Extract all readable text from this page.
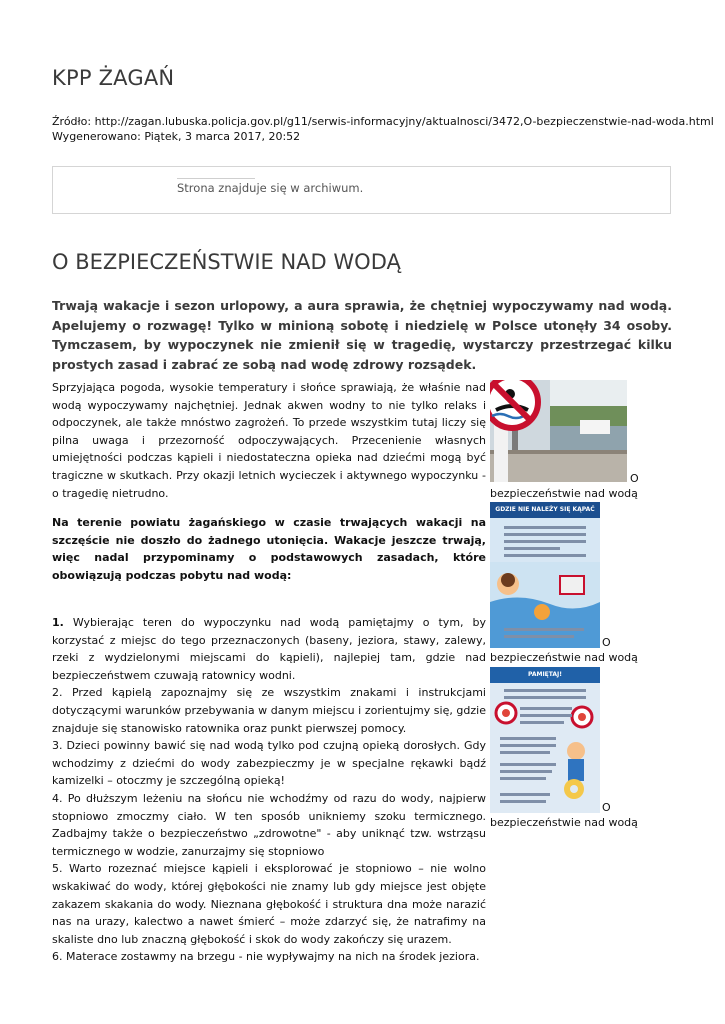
KPP ŻAGAŃ
Źródło: http://zagan.lubuska.policja.gov.pl/g11/serwis-informacyjny/aktualnosci/3472,O-bezpieczenstwie-nad-woda.html
Wygenerowano: Piątek, 3 marca 2017, 20:52
Strona znajduje się w archiwum.
O BEZPIECZEŃSTWIE NAD WODĄ

Trwają wakacje i sezon urlopowy, a aura sprawia, że chętniej wypoczywamy nad wodą. Apelujemy o rozwagę! Tylko w minioną sobotę i niedzielę w Polsce utonęły 34 osoby. Tymczasem, by wypoczynek nie zmienił się w tragedię, wystarczy przestrzegać kilku prostych zasad i zabrać ze sobą nad wodę zdrowy rozsądek.

Sprzyjająca pogoda, wysokie temperatury i słońce sprawiają, że właśnie nad wodą wypoczywamy najchętniej. Jednak akwen wodny to nie tylko relaks i odpoczynek, ale także mnóstwo zagrożeń. To przede wszystkim tutaj liczy się pilna uwaga i przezorność odpoczywających. Przecenienie własnych umiejętności podczas kąpieli i niedostateczna opieka nad dziećmi mogą być tragiczne w skutkach. Przy okazji letnich wycieczek i aktywnego wypoczynku - o tragedię nietrudno.

Na terenie powiatu żagańskiego w czasie trwających wakacji na szczęście nie doszło do żadnego utonięcia. Wakacje jeszcze trwają, więc nadal przypominamy o podstawowych zasadach, które obowiązują podczas pobytu nad wodą:

1. Wybierając teren do wypoczynku nad wodą pamiętajmy o tym, by korzystać z miejsc do tego przeznaczonych (baseny, jeziora, stawy, zalewy, rzeki z wydzielonymi miejscami do kąpieli), najlepiej tam, gdzie nad bezpieczeństwem czuwają ratownicy wodni.

2. Przed kąpielą zapoznajmy się ze wszystkim znakami i instrukcjami dotyczącymi warunków przebywania w danym miejscu i zorientujmy się, gdzie znajduje się stanowisko ratownika oraz punkt pierwszej pomocy.

3. Dzieci powinny bawić się nad wodą tylko pod czujną opieką dorosłych. Gdy wchodzimy z dziećmi do wody zabezpieczmy je w specjalne rękawki bądź kamizelki – otoczmy je szczególną opieką!

4. Po dłuższym leżeniu na słońcu nie wchodźmy od razu do wody, najpierw stopniowo zmoczmy ciało. W ten sposób unikniemy szoku termicznego. Zadbajmy także o bezpieczeństwo „zdrowotne" - aby uniknąć tzw. wstrząsu termicznego w wodzie, zanurzajmy się stopniowo

5. Warto rozeznać miejsce kąpieli i eksplorować je stopniowo – nie wolno wskakiwać do wody, której głębokości nie znamy lub gdy miejsce jest objęte zakazem skakania do wody. Nieznana głębokość i struktura dna może narazić nas na urazy, kalectwo a nawet śmierć – może zdarzyć się, że natrafimy na skaliste dno lub znaczną głębokość i skok do wody zakończy się urazem.

6. Materace zostawmy na brzegu - nie wypływajmy na nich na środek jeziora.

O
bezpieczeństwie nad wodą
GDZIE NIE NALEŻY SIĘ KĄPAĆ
O
bezpieczeństwie nad wodą
PAMIĘTAJ!
O
bezpieczeństwie nad wodą
